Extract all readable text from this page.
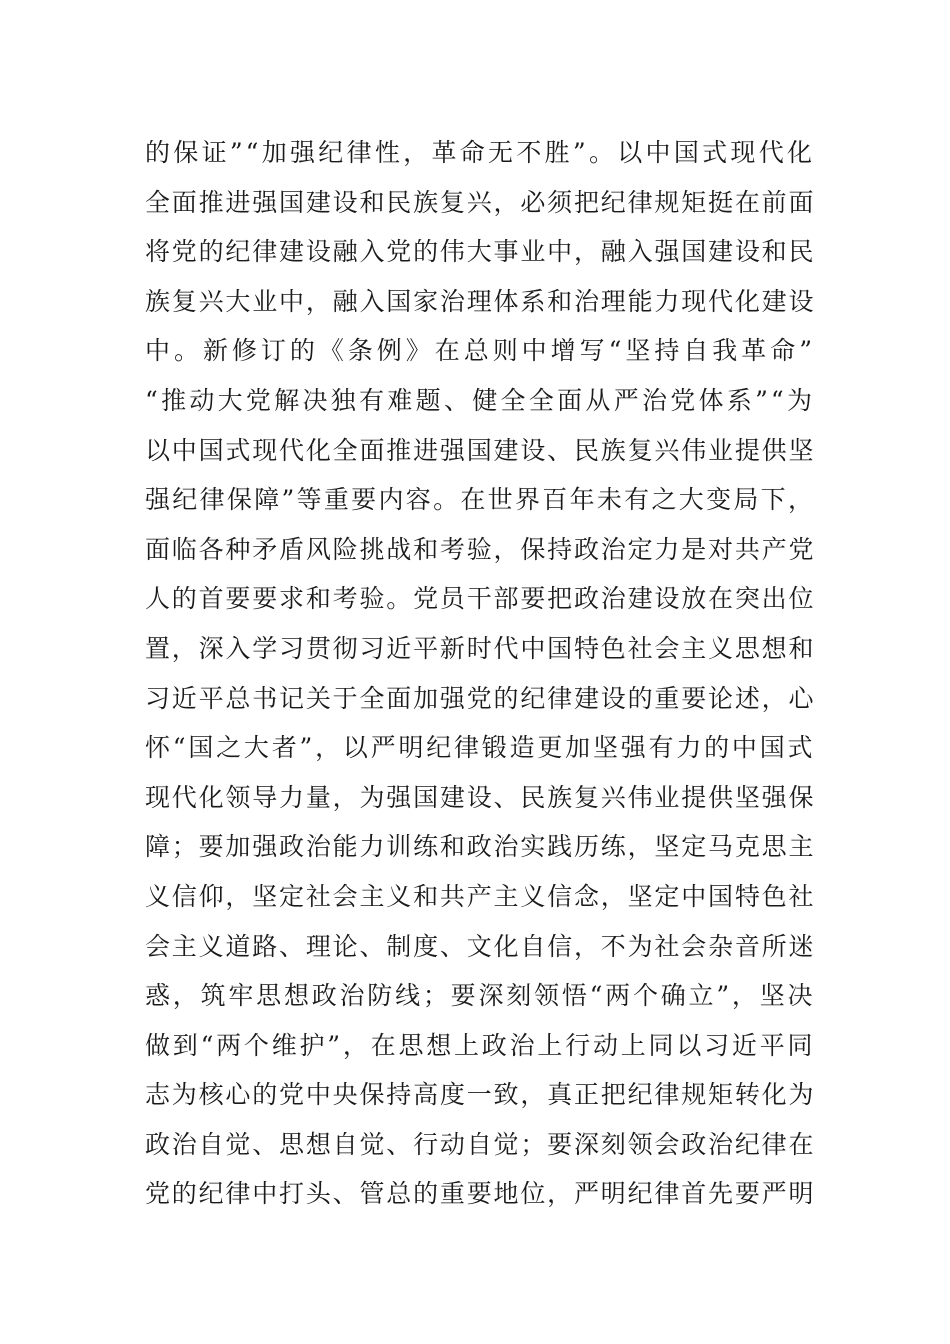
的保证”“加强纪律性，革命无不胜”。以中国式现代化
全面推进强国建设和民族复兴，必须把纪律规矩挺在前面
将党的纪律建设融入党的伟大事业中，融入强国建设和民
族复兴大业中，融入国家治理体系和治理能力现代化建设
中。新修订的《条例》在总则中增写“坚持自我革命”
“推动大党解决独有难题、健全全面从严治党体系”“为
以中国式现代化全面推进强国建设、民族复兴伟业提供坚
强纪律保障”等重要内容。在世界百年未有之大变局下，
面临各种矛盾风险挑战和考验，保持政治定力是对共产党
人的首要要求和考验。党员干部要把政治建设放在突出位
置，深入学习贯彻习近平新时代中国特色社会主义思想和
习近平总书记关于全面加强党的纪律建设的重要论述，心
怀“国之大者”，以严明纪律锻造更加坚强有力的中国式
现代化领导力量，为强国建设、民族复兴伟业提供坚强保
障；要加强政治能力训练和政治实践历练，坚定马克思主
义信仰，坚定社会主义和共产主义信念，坚定中国特色社
会主义道路、理论、制度、文化自信，不为社会杂音所迷
惑，筑牢思想政治防线；要深刻领悟“两个确立”，坚决
做到“两个维护”，在思想上政治上行动上同以习近平同
志为核心的党中央保持高度一致，真正把纪律规矩转化为
政治自觉、思想自觉、行动自觉；要深刻领会政治纪律在
党的纪律中打头、管总的重要地位，严明纪律首先要严明
